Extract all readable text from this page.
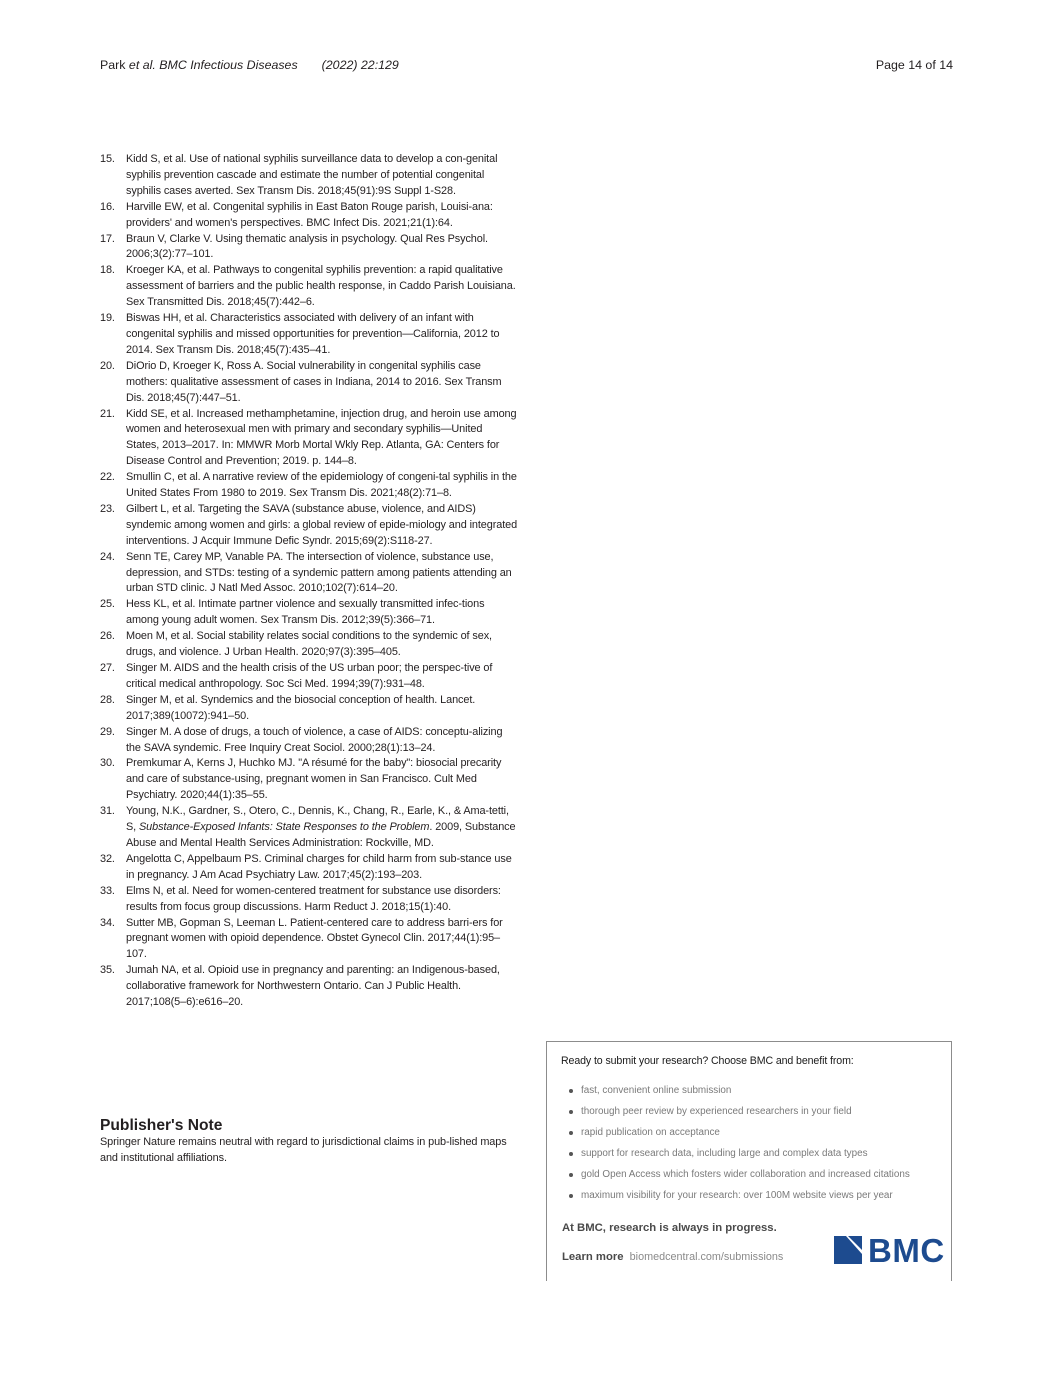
Park et al. BMC Infectious Diseases (2022) 22:129	Page 14 of 14
15.	Kidd S, et al. Use of national syphilis surveillance data to develop a con-genital syphilis prevention cascade and estimate the number of potential congenital syphilis cases averted. Sex Transm Dis. 2018;45(91):9S Suppl 1-S28.
16.	Harville EW, et al. Congenital syphilis in East Baton Rouge parish, Louisi-ana: providers' and women's perspectives. BMC Infect Dis. 2021;21(1):64.
17.	Braun V, Clarke V. Using thematic analysis in psychology. Qual Res Psychol. 2006;3(2):77–101.
18.	Kroeger KA, et al. Pathways to congenital syphilis prevention: a rapid qualitative assessment of barriers and the public health response, in Caddo Parish Louisiana. Sex Transmitted Dis. 2018;45(7):442–6.
19.	Biswas HH, et al. Characteristics associated with delivery of an infant with congenital syphilis and missed opportunities for prevention—California, 2012 to 2014. Sex Transm Dis. 2018;45(7):435–41.
20.	DiOrio D, Kroeger K, Ross A. Social vulnerability in congenital syphilis case mothers: qualitative assessment of cases in Indiana, 2014 to 2016. Sex Transm Dis. 2018;45(7):447–51.
21.	Kidd SE, et al. Increased methamphetamine, injection drug, and heroin use among women and heterosexual men with primary and secondary syphilis—United States, 2013–2017. In: MMWR Morb Mortal Wkly Rep. Atlanta, GA: Centers for Disease Control and Prevention; 2019. p. 144–8.
22.	Smullin C, et al. A narrative review of the epidemiology of congeni-tal syphilis in the United States From 1980 to 2019. Sex Transm Dis. 2021;48(2):71–8.
23.	Gilbert L, et al. Targeting the SAVA (substance abuse, violence, and AIDS) syndemic among women and girls: a global review of epide-miology and integrated interventions. J Acquir Immune Defic Syndr. 2015;69(2):S118-27.
24.	Senn TE, Carey MP, Vanable PA. The intersection of violence, substance use, depression, and STDs: testing of a syndemic pattern among patients attending an urban STD clinic. J Natl Med Assoc. 2010;102(7):614–20.
25.	Hess KL, et al. Intimate partner violence and sexually transmitted infec-tions among young adult women. Sex Transm Dis. 2012;39(5):366–71.
26.	Moen M, et al. Social stability relates social conditions to the syndemic of sex, drugs, and violence. J Urban Health. 2020;97(3):395–405.
27.	Singer M. AIDS and the health crisis of the US urban poor; the perspec-tive of critical medical anthropology. Soc Sci Med. 1994;39(7):931–48.
28.	Singer M, et al. Syndemics and the biosocial conception of health. Lancet. 2017;389(10072):941–50.
29.	Singer M. A dose of drugs, a touch of violence, a case of AIDS: conceptu-alizing the SAVA syndemic. Free Inquiry Creat Sociol. 2000;28(1):13–24.
30.	Premkumar A, Kerns J, Huchko MJ. "A résumé for the baby": biosocial precarity and care of substance-using, pregnant women in San Francisco. Cult Med Psychiatry. 2020;44(1):35–55.
31.	Young, N.K., Gardner, S., Otero, C., Dennis, K., Chang, R., Earle, K., & Ama-tetti, S, Substance-Exposed Infants: State Responses to the Problem. 2009, Substance Abuse and Mental Health Services Administration: Rockville, MD.
32.	Angelotta C, Appelbaum PS. Criminal charges for child harm from sub-stance use in pregnancy. J Am Acad Psychiatry Law. 2017;45(2):193–203.
33.	Elms N, et al. Need for women-centered treatment for substance use disorders: results from focus group discussions. Harm Reduct J. 2018;15(1):40.
34.	Sutter MB, Gopman S, Leeman L. Patient-centered care to address barri-ers for pregnant women with opioid dependence. Obstet Gynecol Clin. 2017;44(1):95–107.
35.	Jumah NA, et al. Opioid use in pregnancy and parenting: an Indigenous-based, collaborative framework for Northwestern Ontario. Can J Public Health. 2017;108(5–6):e616–20.
Publisher's Note

Springer Nature remains neutral with regard to jurisdictional claims in pub-lished maps and institutional affiliations.

Ready to submit your research? Choose BMC and benefit from:
fast, convenient online submission
thorough peer review by experienced researchers in your field
rapid publication on acceptance
support for research data, including large and complex data types
gold Open Access which fosters wider collaboration and increased citations
maximum visibility for your research: over 100M website views per year
At BMC, research is always in progress.
Learn more biomedcentral.com/submissions	BMC
